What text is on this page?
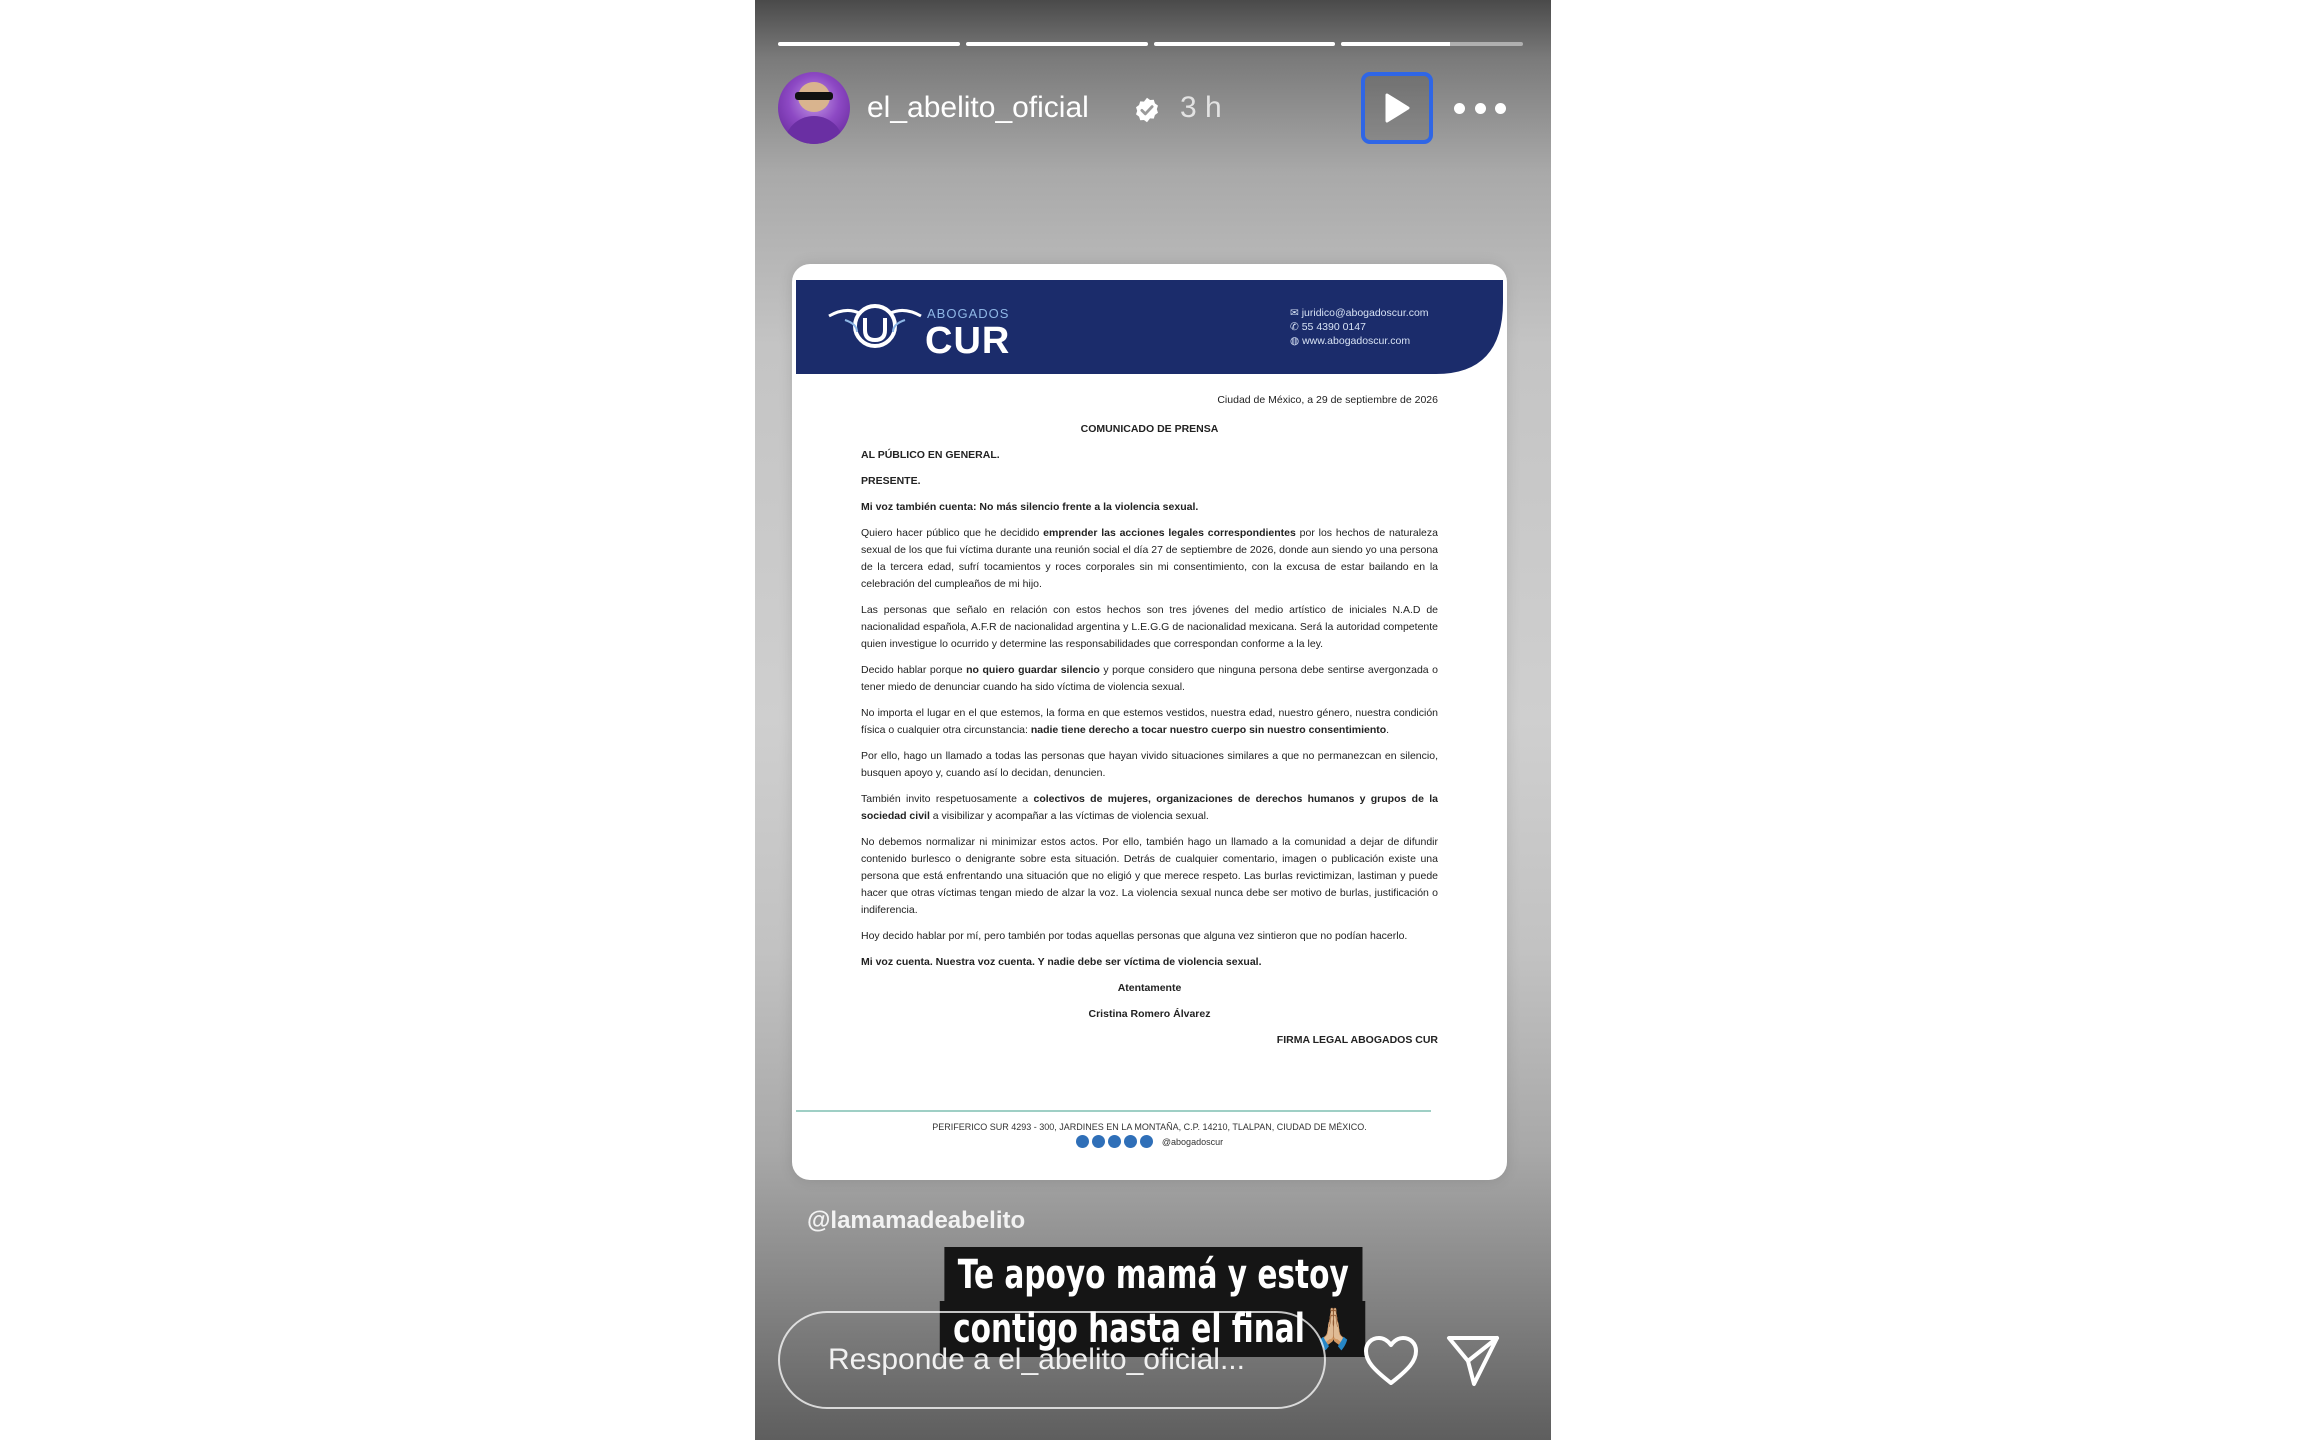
el_abelito_oficial	3 h
ABOGADOS
CUR
✉ juridico@abogadoscur.com
✆ 55 4390 0147
◍ www.abogadoscur.com

Ciudad de México, a 29 de septiembre de 2026

COMUNICADO DE PRENSA

AL PÚBLICO EN GENERAL.

PRESENTE.

Mi voz también cuenta: No más silencio frente a la violencia sexual.

Quiero hacer público que he decidido emprender las acciones legales correspondientes por los hechos de naturaleza sexual de los que fui víctima durante una reunión social el día 27 de septiembre de 2026, donde aun siendo yo una persona de la tercera edad, sufrí tocamientos y roces corporales sin mi consentimiento, con la excusa de estar bailando en la celebración del cumpleaños de mi hijo.

Las personas que señalo en relación con estos hechos son tres jóvenes del medio artístico de iniciales N.A.D de nacionalidad española, A.F.R de nacionalidad argentina y L.E.G.G de nacionalidad mexicana. Será la autoridad competente quien investigue lo ocurrido y determine las responsabilidades que correspondan conforme a la ley.

Decido hablar porque no quiero guardar silencio y porque considero que ninguna persona debe sentirse avergonzada o tener miedo de denunciar cuando ha sido víctima de violencia sexual.

No importa el lugar en el que estemos, la forma en que estemos vestidos, nuestra edad, nuestro género, nuestra condición física o cualquier otra circunstancia: nadie tiene derecho a tocar nuestro cuerpo sin nuestro consentimiento.

Por ello, hago un llamado a todas las personas que hayan vivido situaciones similares a que no permanezcan en silencio, busquen apoyo y, cuando así lo decidan, denuncien.

También invito respetuosamente a colectivos de mujeres, organizaciones de derechos humanos y grupos de la sociedad civil a visibilizar y acompañar a las víctimas de violencia sexual.

No debemos normalizar ni minimizar estos actos. Por ello, también hago un llamado a la comunidad a dejar de difundir contenido burlesco o denigrante sobre esta situación. Detrás de cualquier comentario, imagen o publicación existe una persona que está enfrentando una situación que no eligió y que merece respeto. Las burlas revictimizan, lastiman y puede hacer que otras víctimas tengan miedo de alzar la voz. La violencia sexual nunca debe ser motivo de burlas, justificación o indiferencia.

Hoy decido hablar por mí, pero también por todas aquellas personas que alguna vez sintieron que no podían hacerlo.

Mi voz cuenta. Nuestra voz cuenta. Y nadie debe ser víctima de violencia sexual.

Atentamente

Cristina Romero Álvarez

FIRMA LEGAL ABOGADOS CUR

PERIFERICO SUR 4293 - 300, JARDINES EN LA MONTAÑA, C.P. 14210, TLALPAN, CIUDAD DE MÉXICO.
@abogadoscur
@lamamadeabelito
Te apoyo mamá y estoy
contigo hasta el final 🙏🏼
Responde a el_abelito_oficial...
